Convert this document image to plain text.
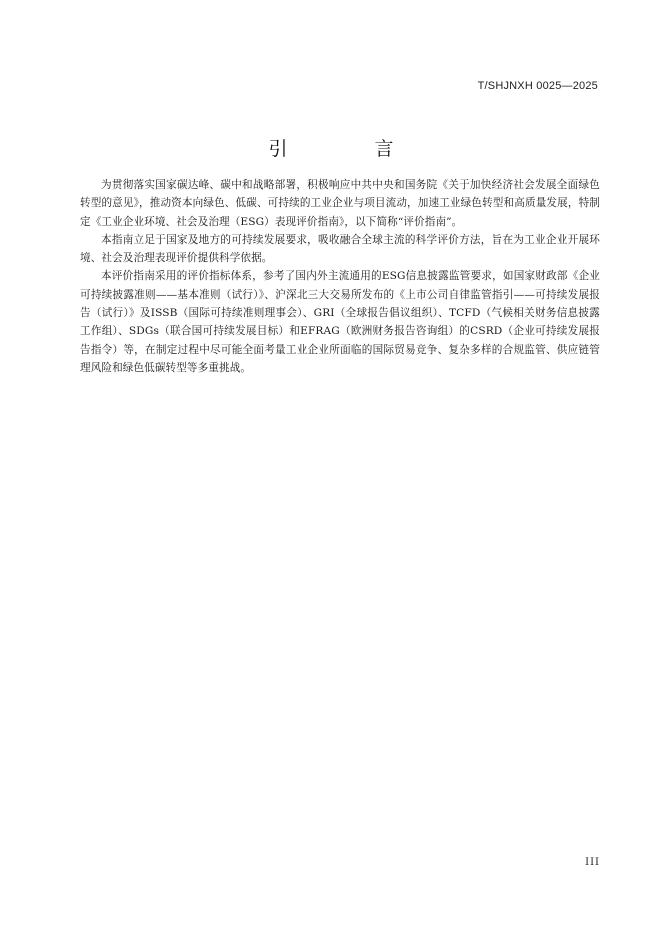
T/SHJNXH 0025—2025
引　言

为贯彻落实国家碳达峰、碳中和战略部署，积极响应中共中央和国务院《关于加快经济社会发展全面绿色转型的意见》，推动资本向绿色、低碳、可持续的工业企业与项目流动，加速工业绿色转型和高质量发展，特制定《工业企业环境、社会及治理（ESG）表现评价指南》，以下简称“评价指南”。

本指南立足于国家及地方的可持续发展要求，吸收融合全球主流的科学评价方法，旨在为工业企业开展环境、社会及治理表现评价提供科学依据。

本评价指南采用的评价指标体系，参考了国内外主流通用的ESG信息披露监管要求，如国家财政部《企业可持续披露准则——基本准则（试行）》、沪深北三大交易所发布的《上市公司自律监管指引——可持续发展报告（试行）》及ISSB（国际可持续准则理事会）、GRI（全球报告倡议组织）、TCFD（气候相关财务信息披露工作组）、SDGs（联合国可持续发展目标）和EFRAG（欧洲财务报告咨询组）的CSRD（企业可持续发展报告指令）等，在制定过程中尽可能全面考量工业企业所面临的国际贸易竞争、复杂多样的合规监管、供应链管理风险和绿色低碳转型等多重挑战。

III
